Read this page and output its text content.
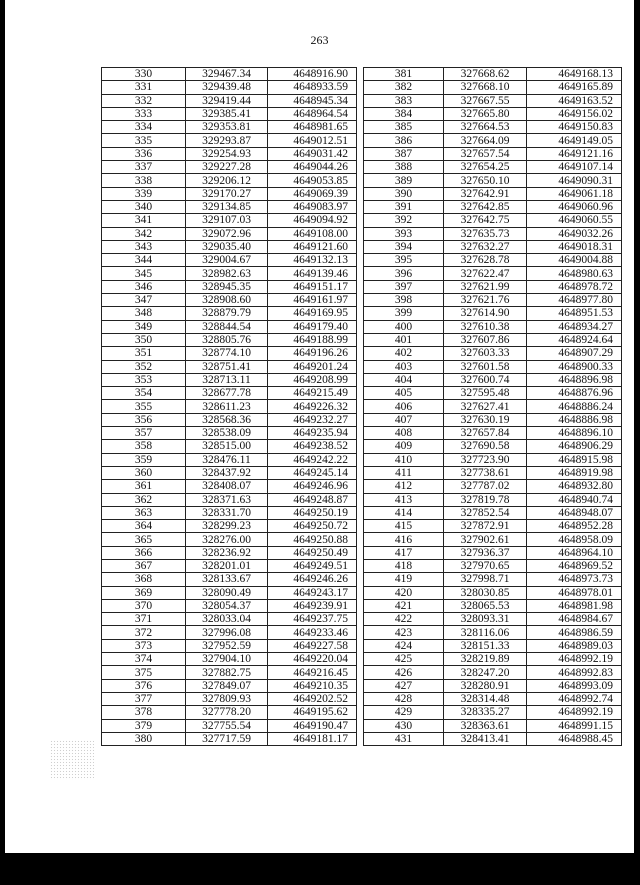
263
330	329467.34	4648916.90
331	329439.48	4648933.59
332	329419.44	4648945.34
333	329385.41	4648964.54
334	329353.81	4648981.65
335	329293.87	4649012.51
336	329254.93	4649031.42
337	329227.28	4649044.26
338	329206.12	4649053.85
339	329170.27	4649069.39
340	329134.85	4649083.97
341	329107.03	4649094.92
342	329072.96	4649108.00
343	329035.40	4649121.60
344	329004.67	4649132.13
345	328982.63	4649139.46
346	328945.35	4649151.17
347	328908.60	4649161.97
348	328879.79	4649169.95
349	328844.54	4649179.40
350	328805.76	4649188.99
351	328774.10	4649196.26
352	328751.41	4649201.24
353	328713.11	4649208.99
354	328677.78	4649215.49
355	328611.23	4649226.32
356	328568.36	4649232.27
357	328538.09	4649235.94
358	328515.00	4649238.52
359	328476.11	4649242.22
360	328437.92	4649245.14
361	328408.07	4649246.96
362	328371.63	4649248.87
363	328331.70	4649250.19
364	328299.23	4649250.72
365	328276.00	4649250.88
366	328236.92	4649250.49
367	328201.01	4649249.51
368	328133.67	4649246.26
369	328090.49	4649243.17
370	328054.37	4649239.91
371	328033.04	4649237.75
372	327996.08	4649233.46
373	327952.59	4649227.58
374	327904.10	4649220.04
375	327882.75	4649216.45
376	327849.07	4649210.35
377	327809.93	4649202.52
378	327778.20	4649195.62
379	327755.54	4649190.47
380	327717.59	4649181.17
381	327668.62	4649168.13
382	327668.10	4649165.89
383	327667.55	4649163.52
384	327665.80	4649156.02
385	327664.53	4649150.83
386	327664.09	4649149.05
387	327657.54	4649121.16
388	327654.25	4649107.14
389	327650.10	4649090.31
390	327642.91	4649061.18
391	327642.85	4649060.96
392	327642.75	4649060.55
393	327635.73	4649032.26
394	327632.27	4649018.31
395	327628.78	4649004.88
396	327622.47	4648980.63
397	327621.99	4648978.72
398	327621.76	4648977.80
399	327614.90	4648951.53
400	327610.38	4648934.27
401	327607.86	4648924.64
402	327603.33	4648907.29
403	327601.58	4648900.33
404	327600.74	4648896.98
405	327595.48	4648876.96
406	327627.41	4648886.24
407	327630.19	4648886.98
408	327657.84	4648896.10
409	327690.58	4648906.29
410	327723.90	4648915.98
411	327738.61	4648919.98
412	327787.02	4648932.80
413	327819.78	4648940.74
414	327852.54	4648948.07
415	327872.91	4648952.28
416	327902.61	4648958.09
417	327936.37	4648964.10
418	327970.65	4648969.52
419	327998.71	4648973.73
420	328030.85	4648978.01
421	328065.53	4648981.98
422	328093.31	4648984.67
423	328116.06	4648986.59
424	328151.33	4648989.03
425	328219.89	4648992.19
426	328247.20	4648992.83
427	328280.91	4648993.09
428	328314.48	4648992.74
429	328335.27	4648992.19
430	328363.61	4648991.15
431	328413.41	4648988.45
